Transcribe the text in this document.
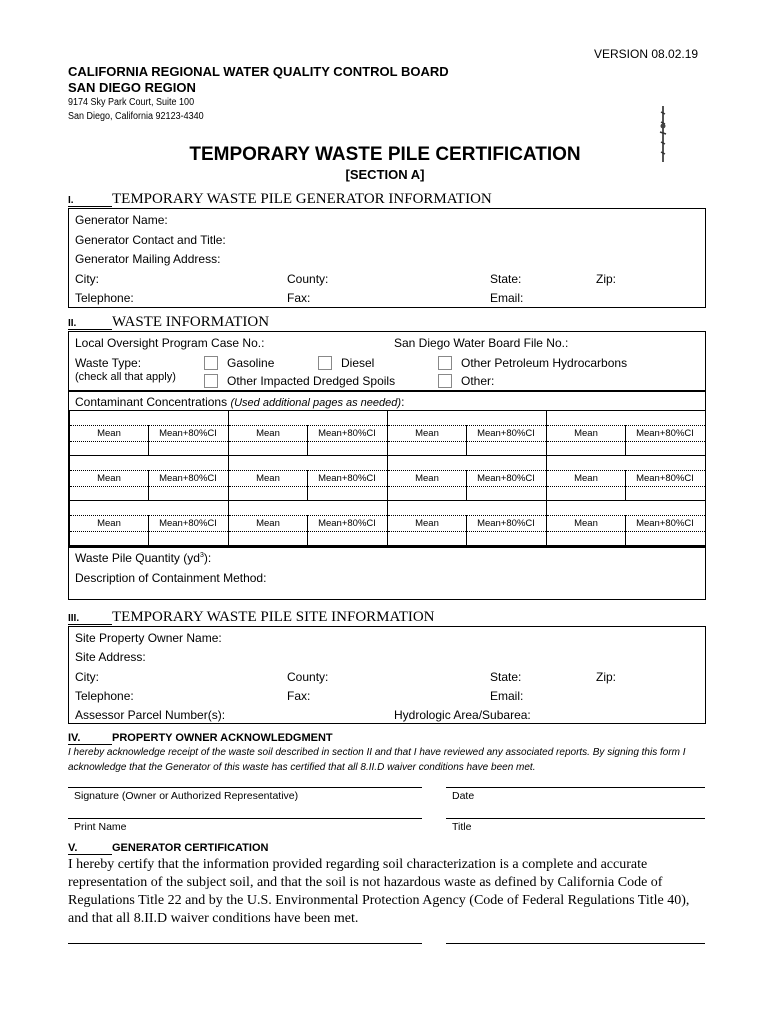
VERSION 08.02.19
CALIFORNIA REGIONAL WATER QUALITY CONTROL BOARD
SAN DIEGO REGION
9174 Sky Park Court, Suite 100
San Diego, California 92123-4340
TEMPORARY WASTE PILE CERTIFICATION
[SECTION A]
I.	TEMPORARY WASTE PILE GENERATOR INFORMATION
Generator Name:
Generator Contact and Title:
Generator Mailing Address:
City:	County:	State:	Zip:
Telephone:	Fax:	Email:
II. WASTE INFORMATION
Local Oversight Program Case No.:	San Diego Water Board File No.:
Waste Type:
(check all that apply)
Gasoline	Diesel	Other Petroleum Hydrocarbons
Other Impacted Dredged Spoils	Other:
Contaminant Concentrations (Used additional pages as needed):
Mean	Mean+80%CI	Mean	Mean+80%CI	Mean	Mean+80%CI	Mean	Mean+80%CI
Mean	Mean+80%CI	Mean	Mean+80%CI	Mean	Mean+80%CI	Mean	Mean+80%CI
Mean	Mean+80%CI	Mean	Mean+80%CI	Mean	Mean+80%CI	Mean	Mean+80%CI
Waste Pile Quantity $(yd^3)$:
Description of Containment Method:
III. TEMPORARY WASTE PILE SITE INFORMATION
Site Property Owner Name:
Site Address:
City:	County:	State:	Zip:
Telephone:	Fax:	Email:
Assessor Parcel Number(s):	Hydrologic Area/Subarea:
IV.	PROPERTY OWNER ACKNOWLEDGMENT
I hereby acknowledge receipt of the waste soil described in section II and that I have reviewed any associated reports. By signing this form I acknowledge that the Generator of this waste has certified that all 8.II.D waiver conditions have been met.
Signature (Owner or Authorized Representative)	Date
Print Name	Title
V.	GENERATOR CERTIFICATION
I hereby certify that the information provided regarding soil characterization is a complete and accurate representation of the subject soil, and that the soil is not hazardous waste as defined by California Code of Regulations Title 22 and by the U.S. Environmental Protection Agency (Code of Federal Regulations Title 40), and that all 8.II.D waiver conditions have been met.
